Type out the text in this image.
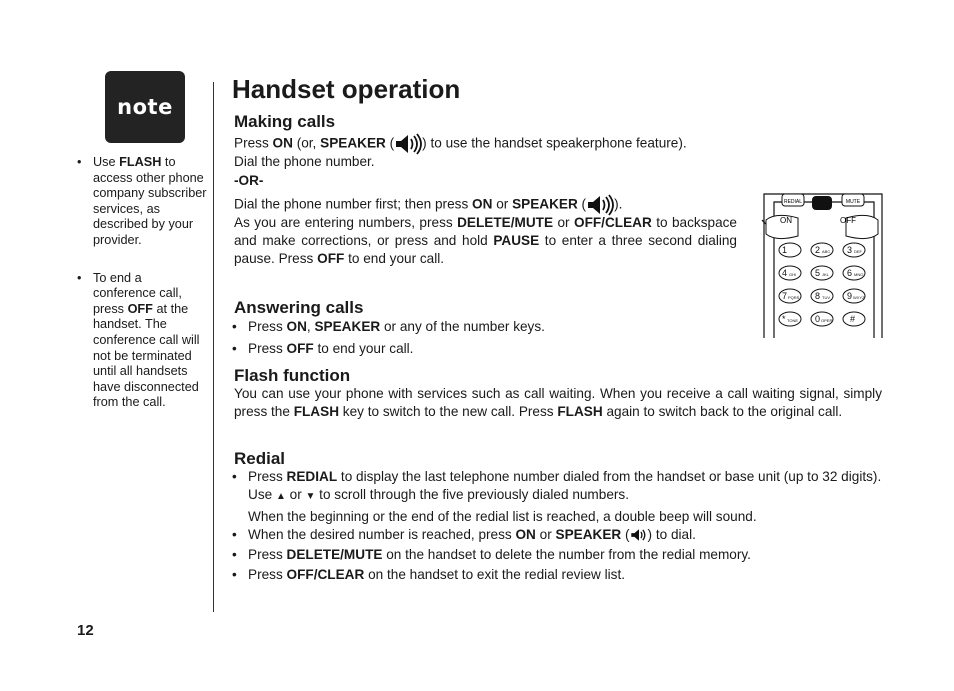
note
• Use FLASH to access other phone company subscriber services, as described by your provider.
• To end a conference call, press OFF at the handset. The conference call will not be terminated until all handsets have disconnected from the call.
12
Handset operation
Making calls

Press ON (or, SPEAKER ( ) to use the handset speakerphone feature).

Dial the phone number.

-OR-

Dial the phone number first; then press ON or SPEAKER ( ).

As you are entering numbers, press DELETE/MUTE or OFF/CLEAR to backspace and make corrections, or press and hold PAUSE to enter a three second dialing pause. Press OFF to end your call.

REDIAL	MUTE
ON	OFF
1	2 ABC 3 DEF
4 GHI 5 JKL 6 MNO
7 PQRS 8 TUV 9 WXYZ
* TONE 0 OPER #
Answering calls
• Press ON, SPEAKER or any of the number keys.
• Press OFF to end your call.
Flash function

You can use your phone with services such as call waiting. When you receive a call waiting signal, simply press the FLASH key to switch to the new call. Press FLASH again to switch back to the original call.

Redial
• Press REDIAL to display the last telephone number dialed from the handset or base unit (up to 32 digits). Use ▲ or ▼ to scroll through the five previously dialed numbers.
When the beginning or the end of the redial list is reached, a double beep will sound.
• When the desired number is reached, press ON or SPEAKER ( ) to dial.
• Press DELETE/MUTE on the handset to delete the number from the redial memory.
• Press OFF/CLEAR on the handset to exit the redial review list.
